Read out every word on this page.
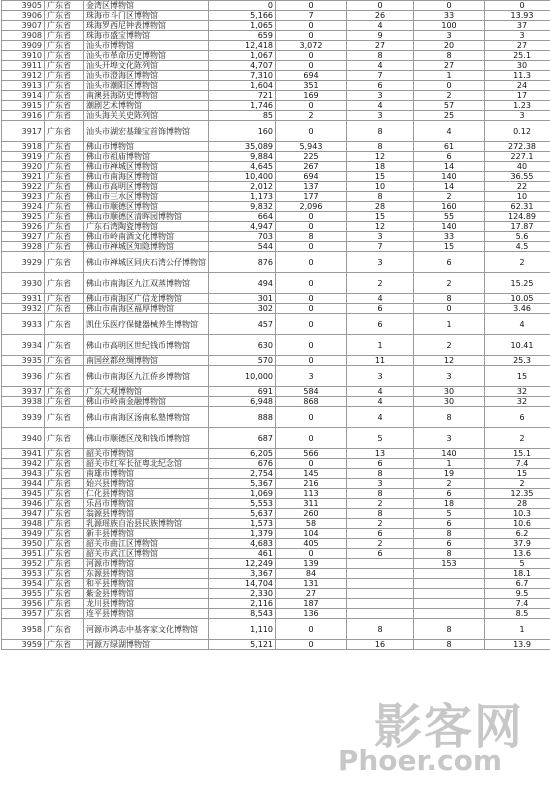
3905	广东省	金湾区博物馆	0	0	0	0	0
3906	广东省	珠海市斗门区博物馆	5,166	7	26	33	13.93
3907	广东省	珠海罗西尼钟表博物馆	1,065	0	4	100	37
3908	广东省	珠海市盛宝博物馆	659	0	9	3	3
3909	广东省	汕头市博物馆	12,418	3,072	27	20	27
3910	广东省	汕头市革命历史博物馆	1,067	0	8	8	25.1
3911	广东省	汕头开埠文化陈列馆	4,707	0	4	27	30
3912	广东省	汕头市澄海区博物馆	7,310	694	7	1	11.3
3913	广东省	汕头市潮阳区博物馆	1,604	351	6	0	24
3914	广东省	南澳县海防史博物馆	721	169	3	2	17
3915	广东省	潮剧艺术博物馆	1,746	0	4	57	1.23
3916	广东省	汕头海关关史陈列馆	85	2	3	25	3
3917	广东省	汕头市湖宏基臻宝首饰博物馆	160	0	8	4	0.12
3918	广东省	佛山市博物馆	35,089	5,943	8	61	272.38
3919	广东省	佛山市祖庙博物馆	9,884	225	12	6	227.1
3920	广东省	佛山市禅城区博物馆	4,645	267	18	14	40
3921	广东省	佛山市南海区博物馆	10,400	694	15	140	36.55
3922	广东省	佛山市高明区博物馆	2,012	137	10	14	22
3923	广东省	佛山市三水区博物馆	1,173	177	8	2	10
3924	广东省	佛山市顺德区博物馆	9,832	2,096	28	160	62.31
3925	广东省	佛山市顺德区清晖园博物馆	664	0	15	55	124.89
3926	广东省	广东石湾陶瓷博物馆	4,947	0	12	140	17.87
3927	广东省	佛山市岭南酒文化博物馆	703	8	3	33	5.6
3928	广东省	佛山市禅城区知隐博物馆	544	0	7	15	4.5
3929	广东省	佛山市禅城区同庆石湾公仔博物馆	876	0	3	6	2
3930	广东省	佛山市南海区九江双蒸博物馆	494	0	2	2	15.25
3931	广东省	佛山市南海区广信龙博物馆	301	0	4	8	10.05
3932	广东省	佛山市南海区福厚博物馆	302	0	6	0	3.46
3933	广东省	凯仕乐医疗保健器械养生博物馆	457	0	6	1	4
3934	广东省	佛山市高明区世纪钱币博物馆	630	0	1	2	10.41
3935	广东省	南国丝都丝绸博物馆	570	0	11	12	25.3
3936	广东省	佛山市南海区九江侨乡博物馆	10,000	3	3	3	15
3937	广东省	广东大观博物馆	691	584	4	30	32
3938	广东省	佛山市岭南金融博物馆	6,948	868	4	30	32
3939	广东省	佛山市南海区汤南私塾博物馆	888	0	4	8	6
3940	广东省	佛山市顺德区茂和钱币博物馆	687	0	5	3	2
3941	广东省	韶关市博物馆	6,205	566	13	140	15.1
3942	广东省	韶关市红军长征粤北纪念馆	676	0	6	1	7.4
3943	广东省	南雄市博物馆	2,754	145	8	19	15
3944	广东省	始兴县博物馆	5,367	216	3	2	2
3945	广东省	仁化县博物馆	1,069	113	8	6	12.35
3946	广东省	乐昌市博物馆	5,553	311	2	18	28
3947	广东省	翁源县博物馆	5,637	260	8	5	10.3
3948	广东省	乳源瑶族自治县民族博物馆	1,573	58	2	6	10.6
3949	广东省	新丰县博物馆	1,379	104	6	8	6.2
3950	广东省	韶关市曲江区博物馆	4,683	405	2	6	37.9
3951	广东省	韶关市武江区博物馆	461	0	6	8	13.6
3952	广东省	河源市博物馆	12,249	139		153	5
3953	广东省	东源县博物馆	3,367	84			18.1
3954	广东省	和平县博物馆	14,704	131			6.7
3955	广东省	紫金县博物馆	2,330	27			9.5
3956	广东省	龙川县博物馆	2,116	187			7.4
3957	广东省	连平县博物馆	8,543	136			8.5
3958	广东省	河源市鸿志中基客家文化博物馆	1,110	0	8	8	1
3959	广东省	河源万绿湖博物馆	5,121	0	16	8	13.9
影客网
Phoer.com
